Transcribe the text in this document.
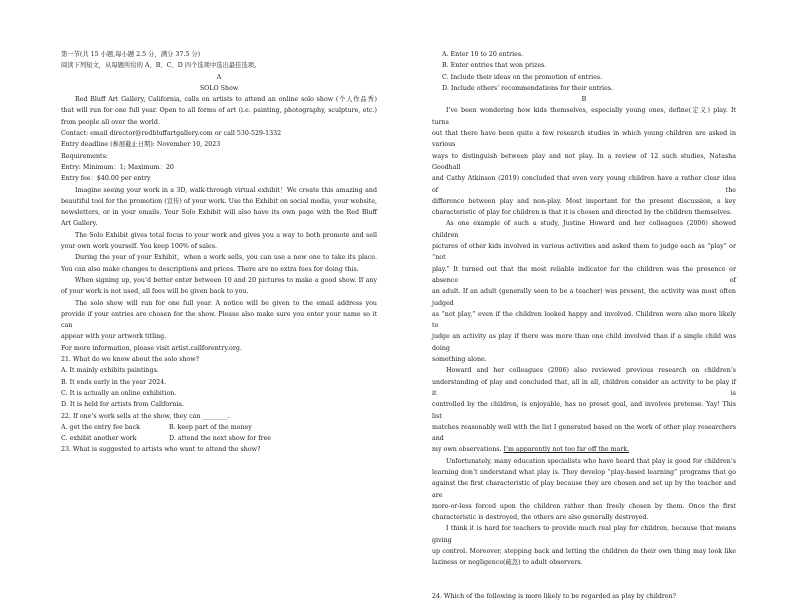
第一节(共 15 小题,每小题 2.5 分，满分 37.5 分)
阅读下列短文，从每题所给的 A、B、C、D 四个选项中选出最佳选项。
A
SOLO Show
Red Bluff Art Gallery, California, calls on artists to attend an online solo show (个人作品秀)
that will run for one full year. Open to all forms of art (i.e. painting, photography, sculpture, etc.)
from people all over the world.
Contact: email director@redbluffartgallery.com or call 530-529-1332
Entry deadline (参展截止日期): November 10, 2023
Requirements:
Entry: Minimum：1; Maximum：20
Entry fee：$40.00 per entry
Imagine seeing your work in a 3D, walk-through virtual exhibit！We create this amazing and
beautiful tool for the promotion (宣传) of your work. Use the Exhibit on social media, your website,
newsletters, or in your emails. Your Solo Exhibit will also have its own page with the Red Bluff
Art Gallery.
The Solo Exhibit gives total focus to your work and gives you a way to both promote and sell
your own work yourself. You keep 100% of sales.
During the year of your Exhibit，when a work sells, you can use a new one to take its place.
You can also make changes to descriptions and prices. There are no extra fees for doing this.
When signing up, you’d better enter between 10 and 20 pictures to make a good show. If any
of your work is not used, all fees will be given back to you.
The solo show will run for one full year. A notice will be given to the email address you
provide if your entries are chosen for the show. Please also make sure you enter your name so it can
appear with your artwork titling.
For more information, please visit artist.callforentry.org.
21. What do we know about the solo show?
A. It mainly exhibits paintings.
B. It ends early in the year 2024.
C. It is actually an online exhibition.
D. It is held for artists from California.
22. If one’s work sells at the show, they can ________.
A. get the entry fee back	B. keep part of the money
C. exhibit another work	D. attend the next show for free
23. What is suggested to artists who want to attend the show?
A. Enter 10 to 20 entries.
B. Enter entries that won prizes.
C. Include their ideas on the promotion of entries.
D. Include others’ recommendations for their entries.
B
I’ve been wondering how kids themselves, especially young ones, define(定义) play. It turns
out that there have been quite a few research studies in which young children are asked in various
ways to distinguish between play and not play. In a review of 12 such studies, Natasha Goodhall
and Cathy Atkinson (2019) concluded that even very young children have a rather clear idea of the
difference between play and non-play. Most important for the present discussion, a key
characteristic of play for children is that it is chosen and directed by the children themselves.
As one example of such a study, Justine Howard and her colleagues (2006) showed children
pictures of other kids involved in various activities and asked them to judge each as “play” or “not
play.” It turned out that the most reliable indicator for the children was the presence or absence of
an adult. If an adult (generally seen to be a teacher) was present, the activity was most often judged
as “not play,” even if the children looked happy and involved. Children were also more likely to
judge an activity as play if there was more than one child involved than if a single child was doing
something alone.
Howard and her colleagues (2006) also reviewed previous research on children’s
understanding of play and concluded that, all in all, children consider an activity to be play if it is
controlled by the children, is enjoyable, has no preset goal, and involves pretense. Yay! This list
matches reasonably well with the list I generated based on the work of other play researchers and
my own observations. I’m apparently not too far off the mark.
Unfortunately, many education specialists who have heard that play is good for children’s
learning don’t understand what play is. They develop “play-based learning” programs that go
against the first characteristic of play because they are chosen and set up by the teacher and are
more-or-less forced upon the children rather than freely chosen by them. Once the first
characteristic is destroyed, the others are also generally destroyed.
I think it is hard for teachers to provide much real play for children, because that means giving
up control. Moreover, stepping back and letting the children do their own thing may look like
laziness or negligence(疏忽) to adult observers.
24. Which of the following is more likely to be regarded as play by children?
